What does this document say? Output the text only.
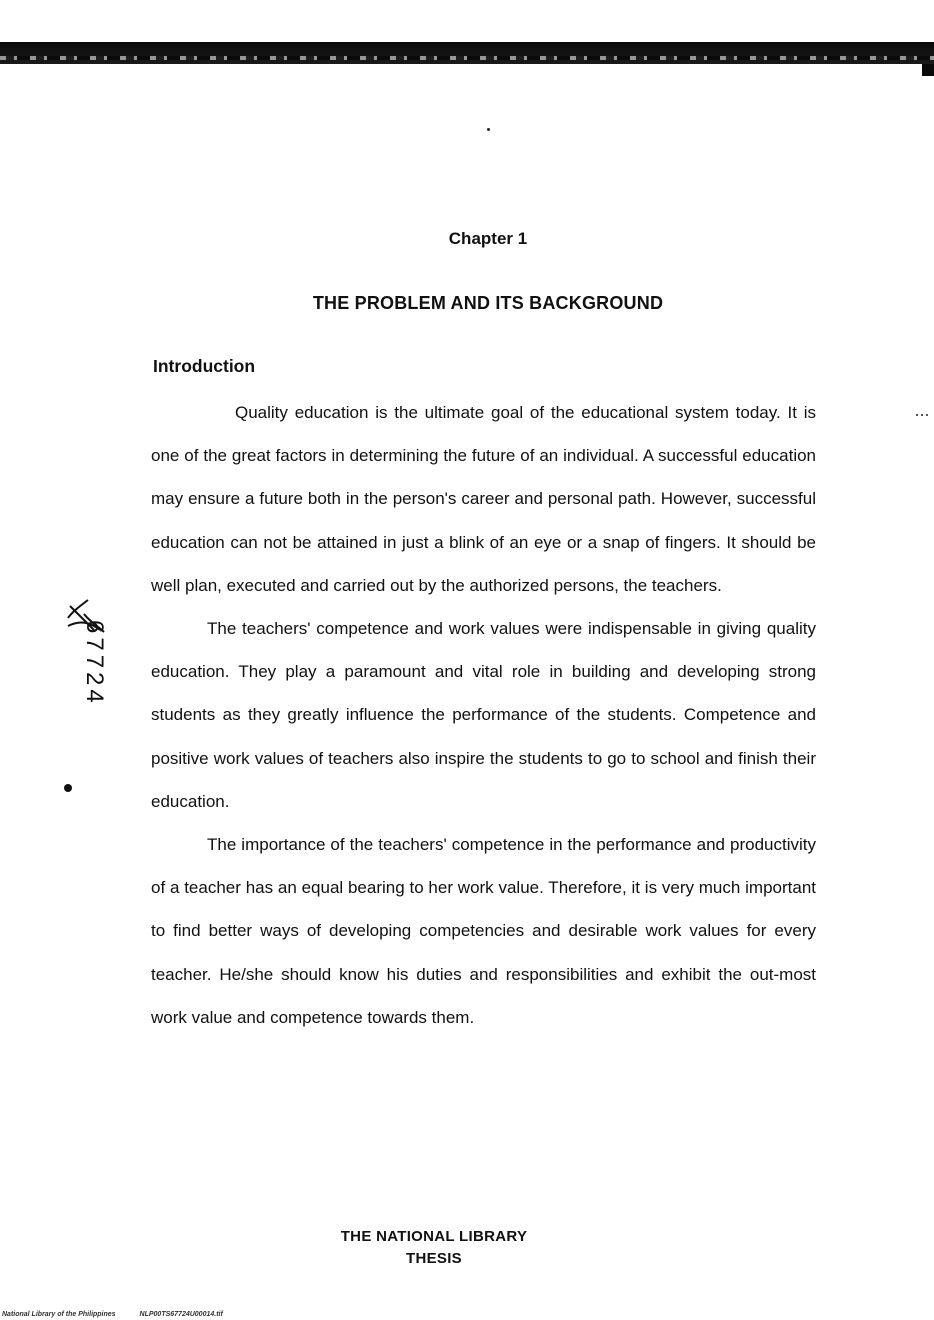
Chapter 1
THE PROBLEM AND ITS BACKGROUND
Introduction

Quality education is the ultimate goal of the educational system today. It is one of the great factors in determining the future of an individual. A successful education may ensure a future both in the person's career and personal path. However, successful education can not be attained in just a blink of an eye or a snap of fingers. It should be well plan, executed and carried out by the authorized persons, the teachers.

The teachers' competence and work values were indispensable in giving quality education. They play a paramount and vital role in building and developing strong students as they greatly influence the performance of the students. Competence and positive work values of teachers also inspire the students to go to school and finish their education.

The importance of the teachers' competence in the performance and productivity of a teacher has an equal bearing to her work value. Therefore, it is very much important to find better ways of developing competencies and desirable work values for every teacher. He/she should know his duties and responsibilities and exhibit the out-most work value and competence towards them.

67724
THE NATIONAL LIBRARY
THESIS
National Library of the Philippines	NLP00TS67724U00014.tif
